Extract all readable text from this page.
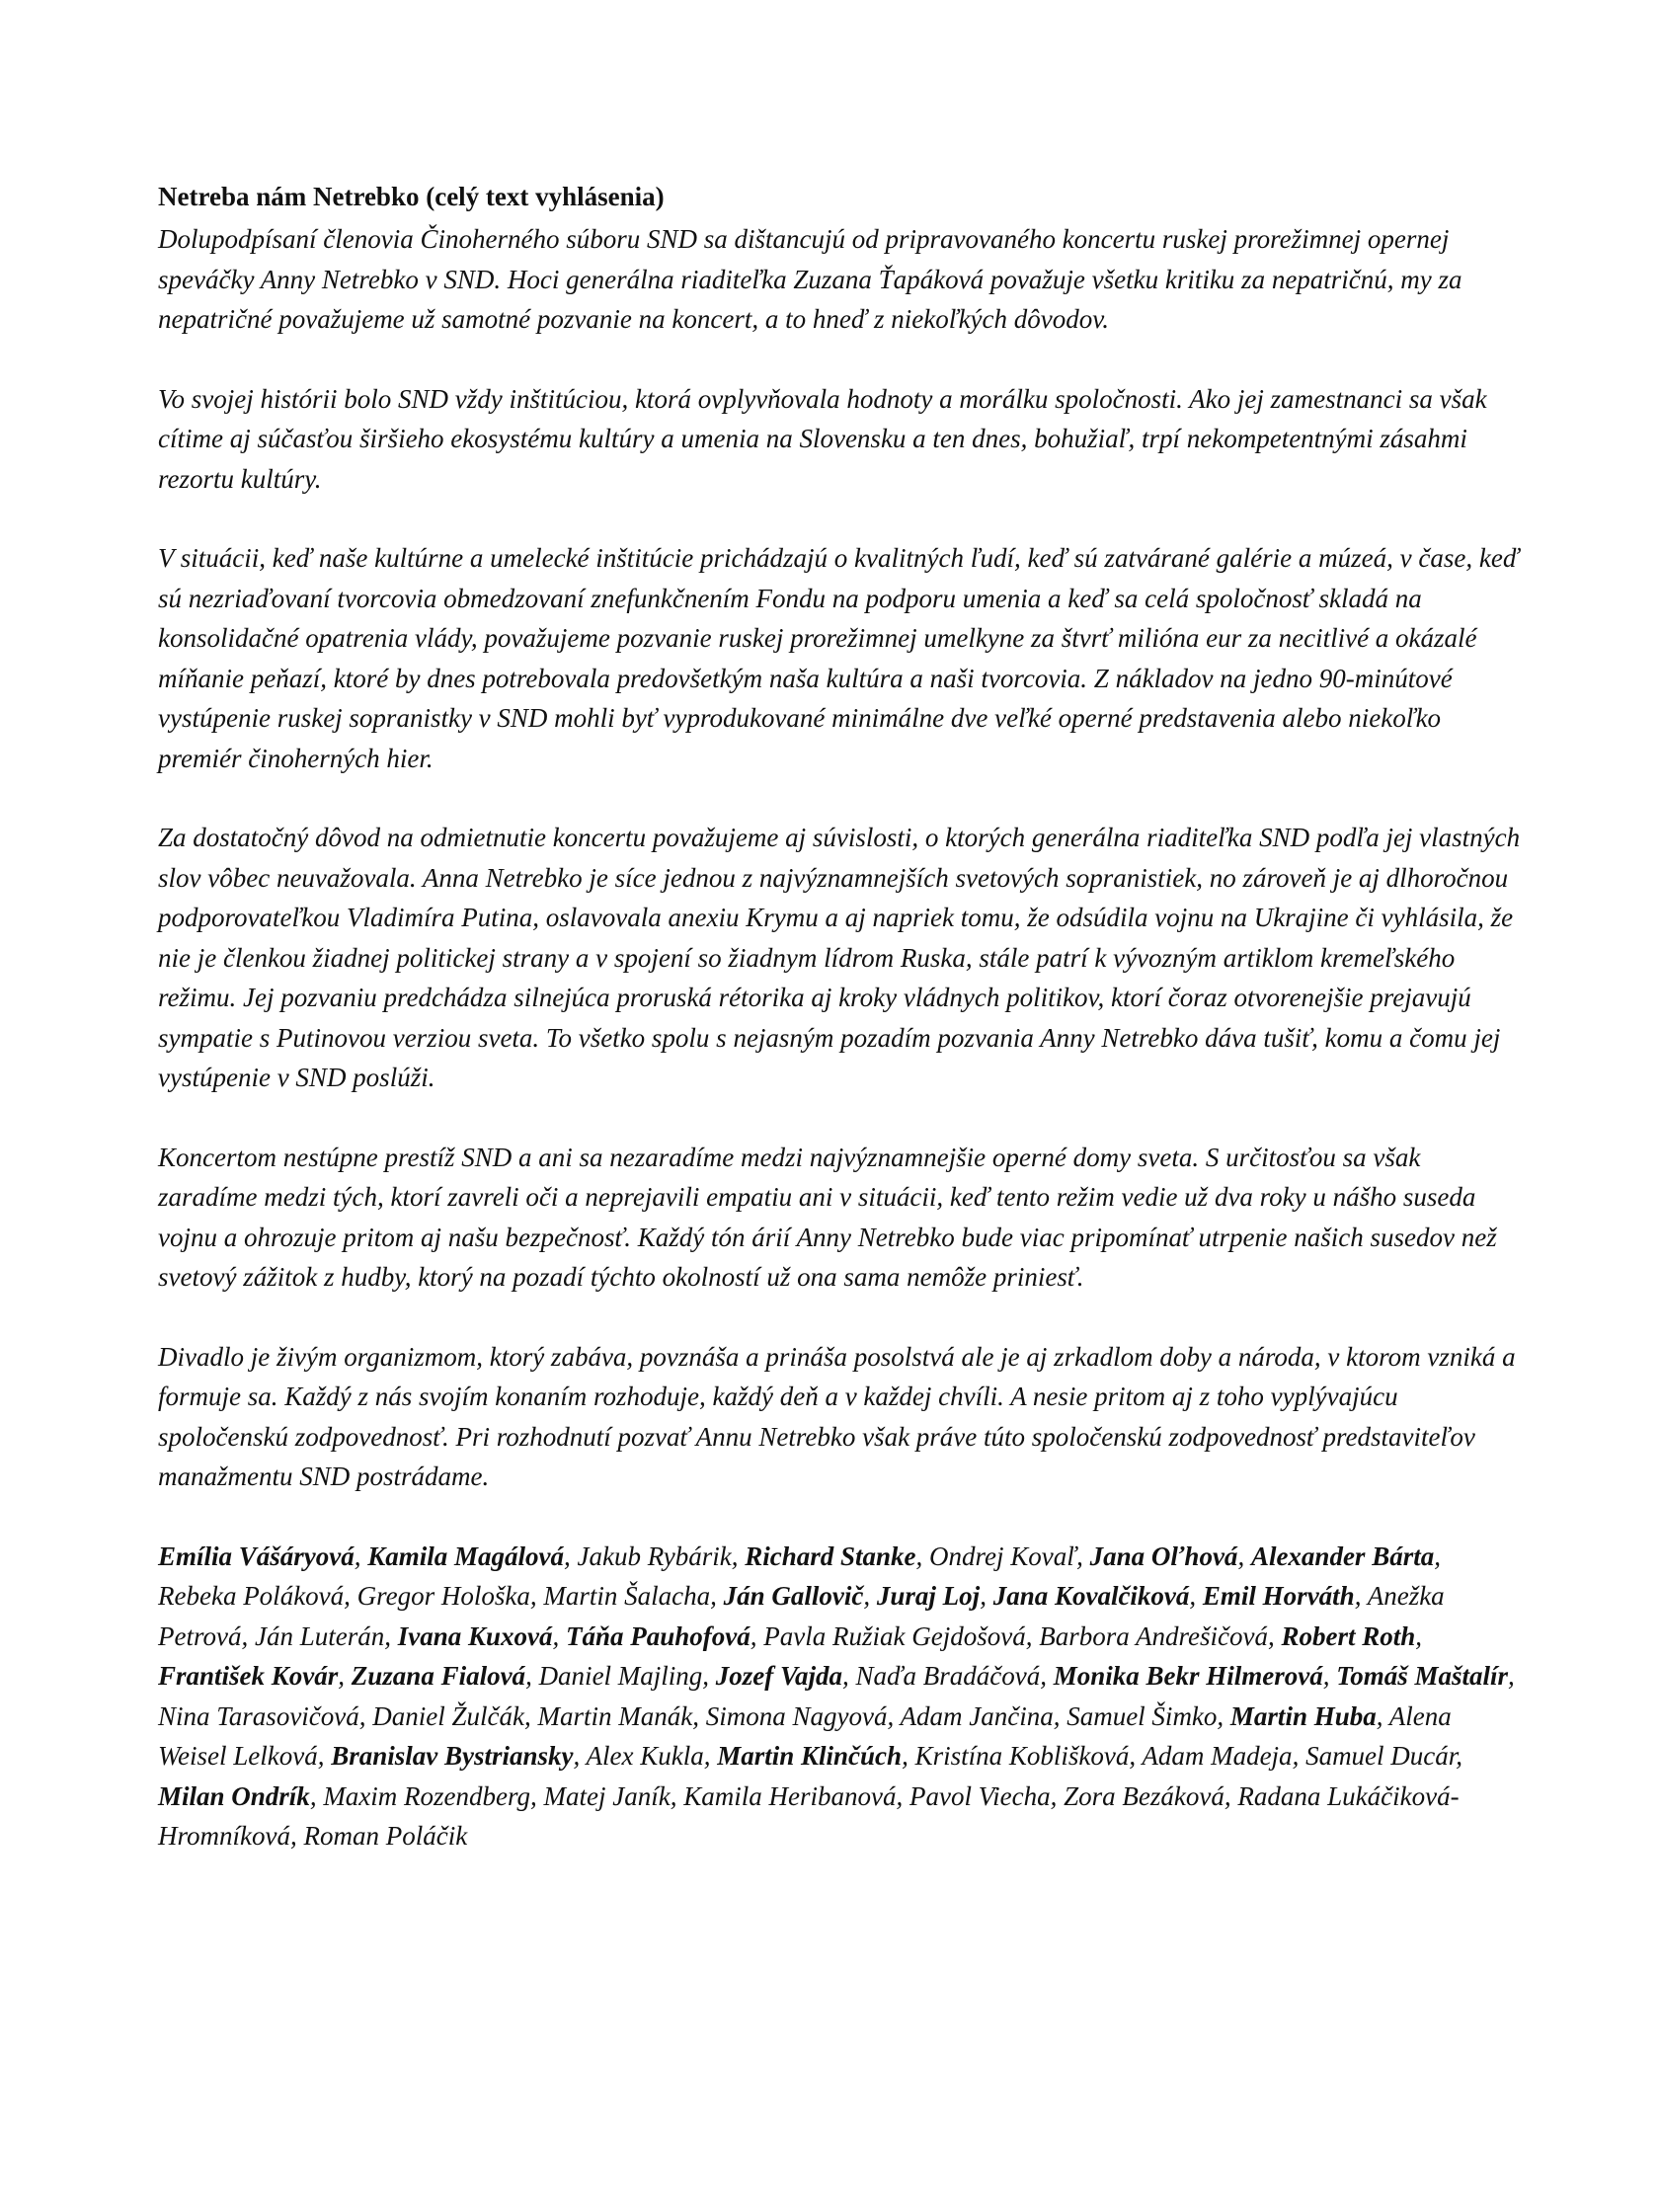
Netreba nám Netrebko (celý text vyhlásenia)

Dolupodpísaní členovia Činoherného súboru SND sa dištancujú od pripravovaného koncertu ruskej prorežimnej opernej speváčky Anny Netrebko v SND. Hoci generálna riaditeľka Zuzana Ťapáková považuje všetku kritiku za nepatričnú, my za nepatričné považujeme už samotné pozvanie na koncert, a to hneď z niekoľkých dôvodov.

Vo svojej histórii bolo SND vždy inštitúciou, ktorá ovplyvňovala hodnoty a morálku spoločnosti. Ako jej zamestnanci sa však cítime aj súčasťou širšieho ekosystému kultúry a umenia na Slovensku a ten dnes, bohužiaľ, trpí nekompetentnými zásahmi rezortu kultúry.

V situácii, keď naše kultúrne a umelecké inštitúcie prichádzajú o kvalitných ľudí, keď sú zatvárané galérie a múzeá, v čase, keď sú nezriaďovaní tvorcovia obmedzovaní znefunkčnením Fondu na podporu umenia a keď sa celá spoločnosť skladá na konsolidačné opatrenia vlády, považujeme pozvanie ruskej prorežimnej umelkyne za štvrť milióna eur za necitlivé a okázalé míňanie peňazí, ktoré by dnes potrebovala predovšetkým naša kultúra a naši tvorcovia. Z nákladov na jedno 90-minútové vystúpenie ruskej sopranistky v SND mohli byť vyprodukované minimálne dve veľké operné predstavenia alebo niekoľko premiér činoherných hier.

Za dostatočný dôvod na odmietnutie koncertu považujeme aj súvislosti, o ktorých generálna riaditeľka SND podľa jej vlastných slov vôbec neuvažovala. Anna Netrebko je síce jednou z najvýznamnejších svetových sopranistiek, no zároveň je aj dlhoročnou podporovateľkou Vladimíra Putina, oslavovala anexiu Krymu a aj napriek tomu, že odsúdila vojnu na Ukrajine či vyhlásila, že nie je členkou žiadnej politickej strany a v spojení so žiadnym lídrom Ruska, stále patrí k vývozným artiklom kremeľského režimu. Jej pozvaniu predchádza silnejúca proruská rétorika aj kroky vládnych politikov, ktorí čoraz otvorenejšie prejavujú sympatie s Putinovou verziou sveta. To všetko spolu s nejasným pozadím pozvania Anny Netrebko dáva tušiť, komu a čomu jej vystúpenie v SND poslúži.

Koncertom nestúpne prestíž SND a ani sa nezaradíme medzi najvýznamnejšie operné domy sveta. S určitosťou sa však zaradíme medzi tých, ktorí zavreli oči a neprejavili empatiu ani v situácii, keď tento režim vedie už dva roky u nášho suseda vojnu a ohrozuje pritom aj našu bezpečnosť. Každý tón árií Anny Netrebko bude viac pripomínať utrpenie našich susedov než svetový zážitok z hudby, ktorý na pozadí týchto okolností už ona sama nemôže priniesť.

Divadlo je živým organizmom, ktorý zabáva, povznáša a prináša posolstvá ale je aj zrkadlom doby a národa, v ktorom vzniká a formuje sa. Každý z nás svojím konaním rozhoduje, každý deň a v každej chvíli. A nesie pritom aj z toho vyplývajúcu spoločenskú zodpovednosť. Pri rozhodnutí pozvať Annu Netrebko však práve túto spoločenskú zodpovednosť predstaviteľov manažmentu SND postrádame.

Emília Vášáryová, Kamila Magálová, Jakub Rybárik, Richard Stanke, Ondrej Kovaľ, Jana Oľhová, Alexander Bárta, Rebeka Poláková, Gregor Hološka, Martin Šalacha, Ján Gallovič, Juraj Loj, Jana Kovalčiková, Emil Horváth, Anežka Petrová, Ján Luterán, Ivana Kuxová, Táňa Pauhofová, Pavla Ružiak Gejdošová, Barbora Andrešičová, Robert Roth, František Kovár, Zuzana Fialová, Daniel Majling, Jozef Vajda, Naďa Bradáčová, Monika Bekr Hilmerová, Tomáš Maštalír, Nina Tarasovičová, Daniel Žulčák, Martin Manák, Simona Nagyová, Adam Jančina, Samuel Šimko, Martin Huba, Alena Weisel Lelková, Branislav Bystriansky, Alex Kukla, Martin Klinčúch, Kristína Koblišková, Adam Madeja, Samuel Ducár, Milan Ondrík, Maxim Rozendberg, Matej Janík, Kamila Heribanová, Pavol Viecha, Zora Bezáková, Radana Lukáčiková-Hromníková, Roman Poláčik
